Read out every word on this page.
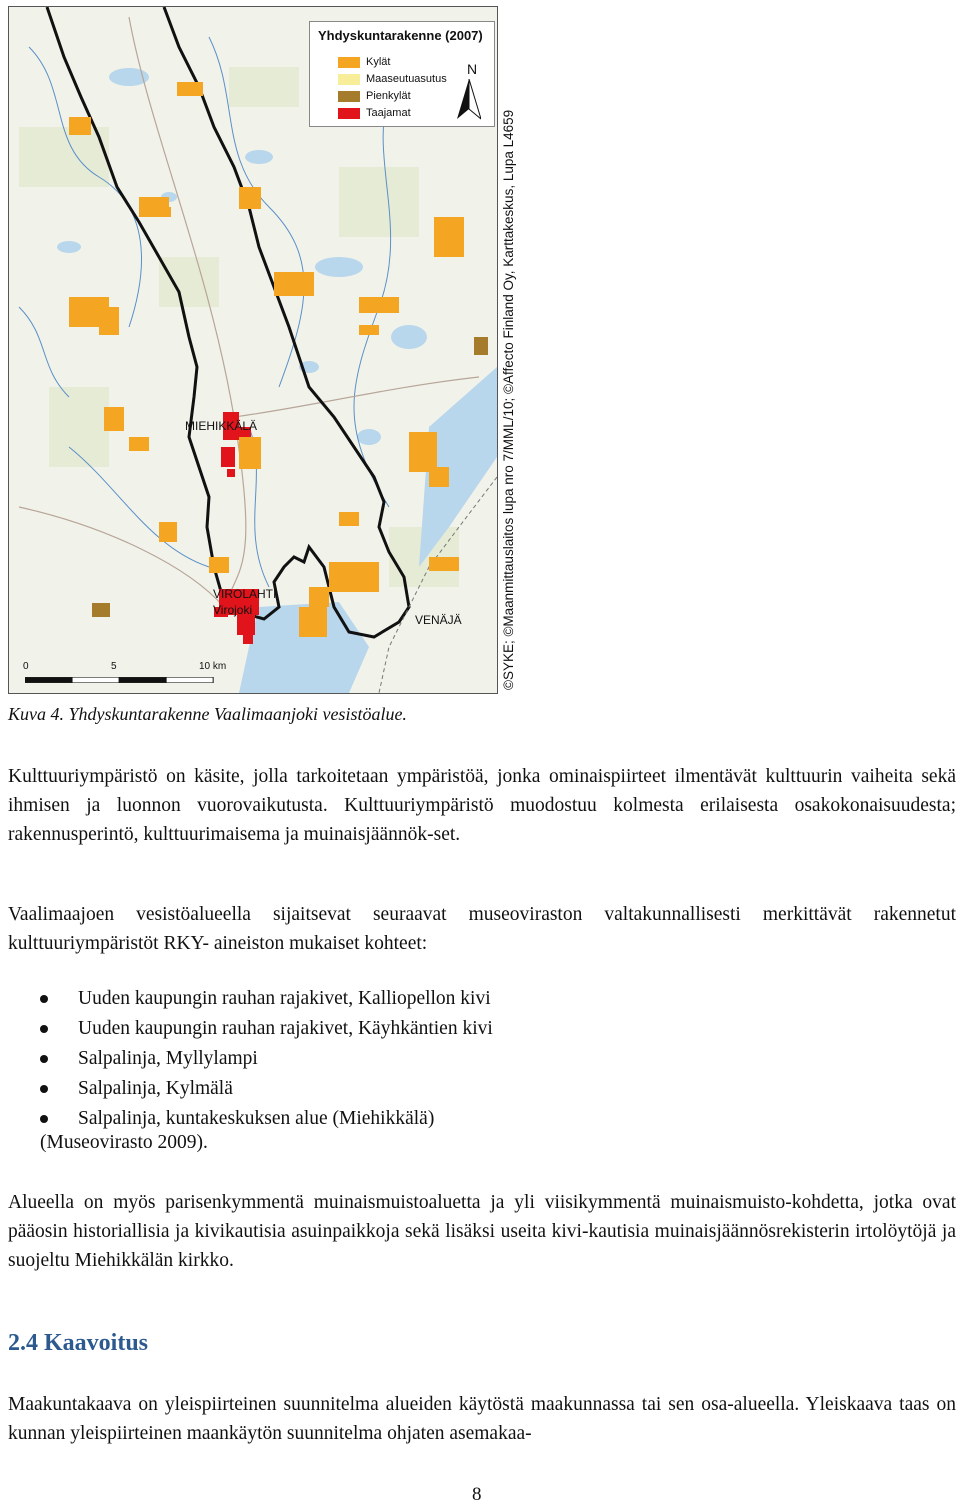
Yhdyskuntarakenne (2007)
Kylät
Maaseutuasutus
Pienkylät
Taajamat
N
MIEHIKKÄLÄ
VIROLAHTI
Virojoki
VENÄJÄ
0	5	10 km	©SYKE; ©Maanmittauslaitos lupa nro 7/MML/10; ©Affecto Finland Oy, Karttakeskus, Lupa L4659
Kuva 4. Yhdyskuntarakenne Vaalimaanjoki vesistöalue.
Kulttuuriympäristö on käsite, jolla tarkoitetaan ympäristöä, jonka ominaispiirteet ilmentävät kulttuurin vaiheita sekä ihmisen ja luonnon vuorovaikutusta. Kulttuuriympäristö muodostuu kolmesta erilaisesta osakokonaisuudesta; rakennusperintö, kulttuurimaisema ja muinaisjäännök-set.
Vaalimaajoen vesistöalueella sijaitsevat seuraavat museoviraston valtakunnallisesti merkittävät rakennetut kulttuuriympäristöt RKY- aineiston mukaiset kohteet:
Uuden kaupungin rauhan rajakivet, Kalliopellon kivi
Uuden kaupungin rauhan rajakivet, Käyhkäntien kivi
Salpalinja, Myllylampi
Salpalinja, Kylmälä
Salpalinja, kuntakeskuksen alue (Miehikkälä)
(Museovirasto 2009).
Alueella on myös parisenkymmentä muinaismuistoaluetta ja yli viisikymmentä muinaismuisto-kohdetta, jotka ovat pääosin historiallisia ja kivikautisia asuinpaikkoja sekä lisäksi useita kivi-kautisia muinaisjäännösrekisterin irtolöytöjä ja suojeltu Miehikkälän kirkko.
2.4 Kaavoitus
Maakuntakaava on yleispiirteinen suunnitelma alueiden käytöstä maakunnassa tai sen osa-alueella. Yleiskaava taas on kunnan yleispiirteinen maankäytön suunnitelma ohjaten asemakaa-
8
